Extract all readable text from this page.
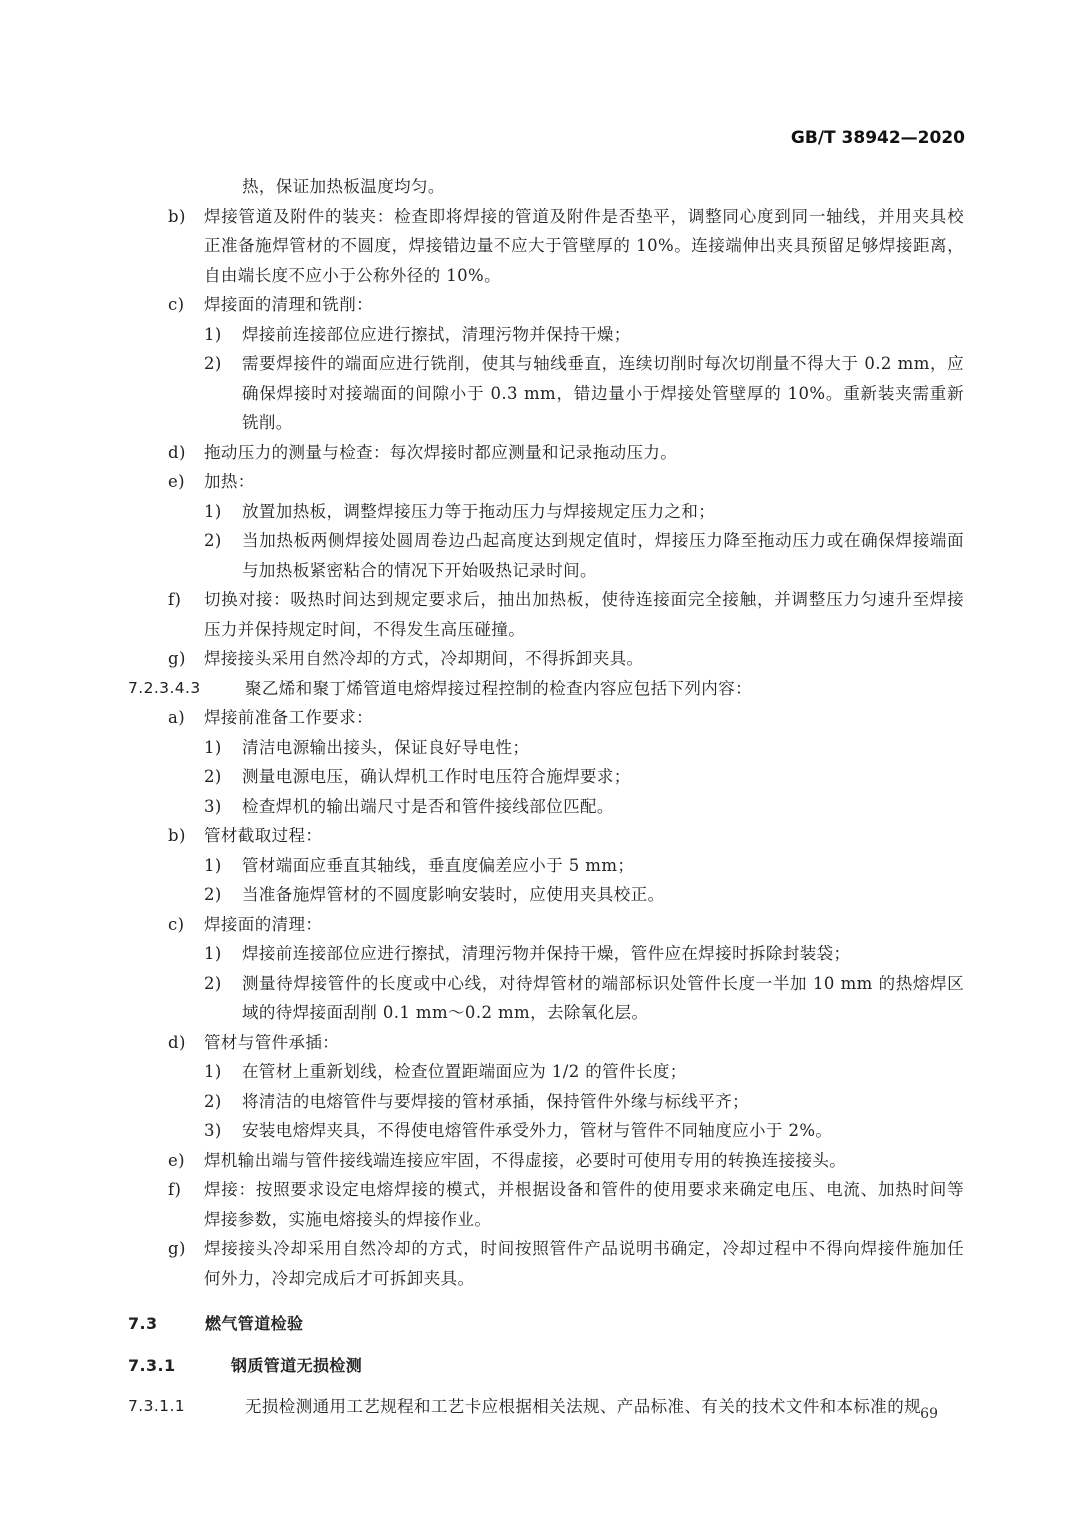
GB/T 38942—2020
热，保证加热板温度均匀。
b) 焊接管道及附件的装夹：检查即将焊接的管道及附件是否垫平，调整同心度到同一轴线，并用夹具校正准备施焊管材的不圆度，焊接错边量不应大于管壁厚的 10%。连接端伸出夹具预留足够焊接距离，自由端长度不应小于公称外径的 10%。
c) 焊接面的清理和铣削：
1) 焊接前连接部位应进行擦拭，清理污物并保持干燥；
2) 需要焊接件的端面应进行铣削，使其与轴线垂直，连续切削时每次切削量不得大于 0.2 mm，应确保焊接时对接端面的间隙小于 0.3 mm，错边量小于焊接处管壁厚的 10%。重新装夹需重新铣削。
d) 拖动压力的测量与检查：每次焊接时都应测量和记录拖动压力。
e) 加热：
1) 放置加热板，调整焊接压力等于拖动压力与焊接规定压力之和；
2) 当加热板两侧焊接处圆周卷边凸起高度达到规定值时，焊接压力降至拖动压力或在确保焊接端面与加热板紧密粘合的情况下开始吸热记录时间。
f) 切换对接：吸热时间达到规定要求后，抽出加热板，使待连接面完全接触，并调整压力匀速升至焊接压力并保持规定时间，不得发生高压碰撞。
g) 焊接接头采用自然冷却的方式，冷却期间，不得拆卸夹具。
7.2.3.4.3	聚乙烯和聚丁烯管道电熔焊接过程控制的检查内容应包括下列内容：
a) 焊接前准备工作要求：
1) 清洁电源输出接头，保证良好导电性；
2) 测量电源电压，确认焊机工作时电压符合施焊要求；
3) 检查焊机的输出端尺寸是否和管件接线部位匹配。
b) 管材截取过程：
1) 管材端面应垂直其轴线，垂直度偏差应小于 5 mm；
2) 当准备施焊管材的不圆度影响安装时，应使用夹具校正。
c) 焊接面的清理：
1) 焊接前连接部位应进行擦拭，清理污物并保持干燥，管件应在焊接时拆除封装袋；
2) 测量待焊接管件的长度或中心线，对待焊管材的端部标识处管件长度一半加 10 mm 的热熔焊区域的待焊接面刮削 0.1 mm～0.2 mm，去除氧化层。
d) 管材与管件承插：
1) 在管材上重新划线，检查位置距端面应为 1/2 的管件长度；
2) 将清洁的电熔管件与要焊接的管材承插，保持管件外缘与标线平齐；
3) 安装电熔焊夹具，不得使电熔管件承受外力，管材与管件不同轴度应小于 2%。
e) 焊机输出端与管件接线端连接应牢固，不得虚接，必要时可使用专用的转换连接接头。
f) 焊接：按照要求设定电熔焊接的模式，并根据设备和管件的使用要求来确定电压、电流、加热时间等焊接参数，实施电熔接头的焊接作业。
g) 焊接接头冷却采用自然冷却的方式，时间按照管件产品说明书确定，冷却过程中不得向焊接件施加任何外力，冷却完成后才可拆卸夹具。
7.3	燃气管道检验
7.3.1	钢质管道无损检测
7.3.1.1	无损检测通用工艺规程和工艺卡应根据相关法规、产品标准、有关的技术文件和本标准的规 69
